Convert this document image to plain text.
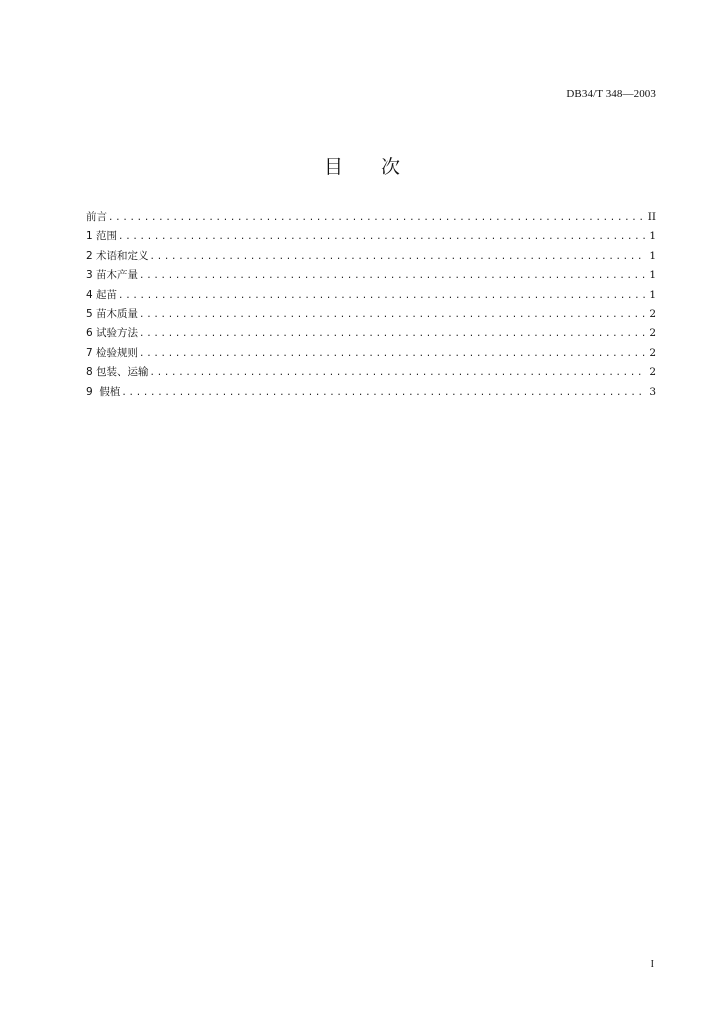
DB34/T 348—2003
目 次
前言 .....	II
1 范围 .....	1
2 术语和定义 .....	1
3 苗木产量 .....	1
4 起苗 .....	1
5 苗木质量 .....	2
6 试验方法 .....	2
7 检验规则 .....	2
8 包装、运输 .....	2
9  假植 .....	3
I
